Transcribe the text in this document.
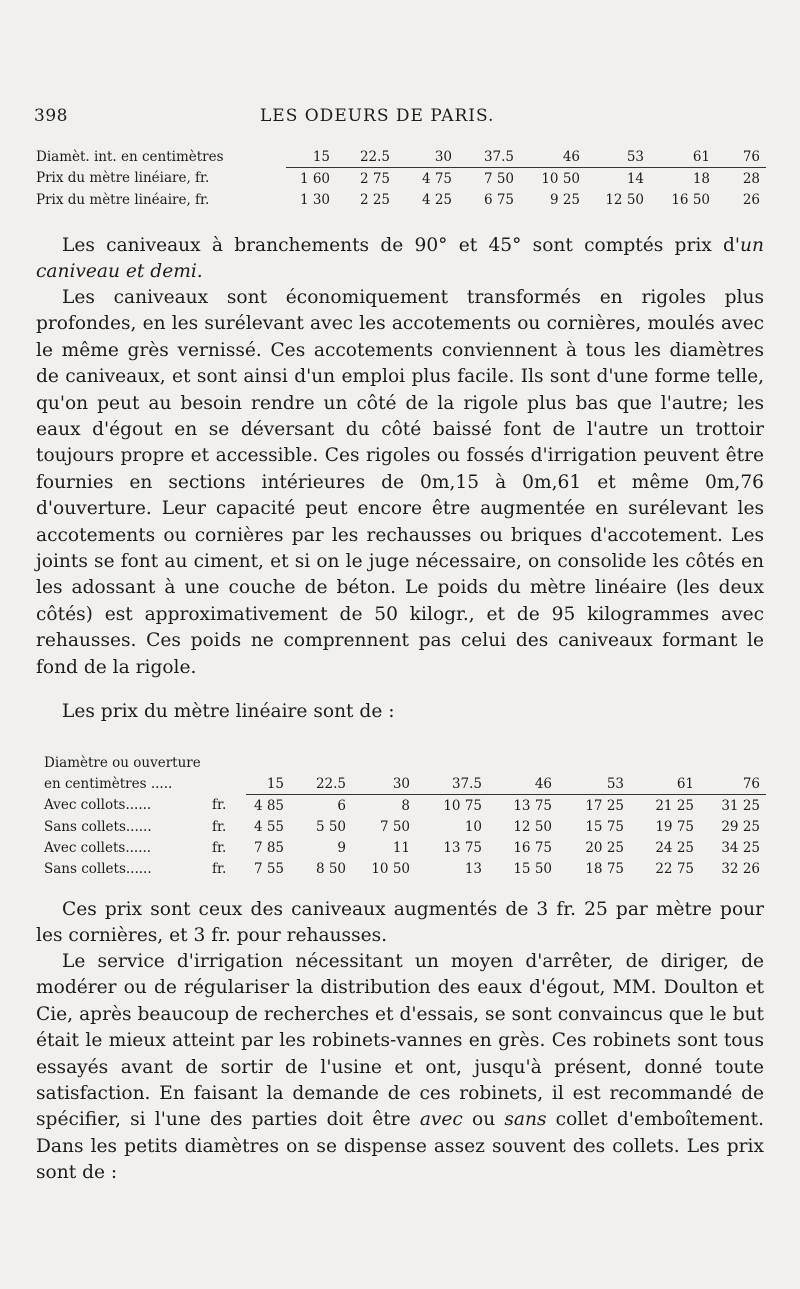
398	LES ODEURS DE PARIS.
Diamèt. int. en centimètres	15	22.5	30	37.5	46	53	61	76
Prix du mètre linéiare, fr.	1 60	2 75	4 75	7 50	10 50	14	18	28
Prix du mètre linéaire, fr.	1 30	2 25	4 25	6 75	9 25	12 50	16 50	26

Les caniveaux à branchements de 90° et 45° sont comptés prix d'un caniveau et demi.

Les caniveaux sont économiquement transformés en rigoles plus profondes, en les surélevant avec les accotements ou cornières, moulés avec le même grès vernissé. Ces accotements conviennent à tous les diamètres de caniveaux, et sont ainsi d'un emploi plus facile. Ils sont d'une forme telle, qu'on peut au besoin rendre un côté de la rigole plus bas que l'autre; les eaux d'égout en se déversant du côté baissé font de l'autre un trottoir toujours propre et accessible. Ces rigoles ou fossés d'irrigation peuvent être fournies en sections intérieures de 0m,15 à 0m,61 et même 0m,76 d'ouverture. Leur capacité peut encore être augmentée en surélevant les accotements ou cornières par les rechausses ou briques d'accotement. Les joints se font au ciment, et si on le juge nécessaire, on consolide les côtés en les adossant à une couche de béton. Le poids du mètre linéaire (les deux côtés) est approximativement de 50 kilogr., et de 95 kilogrammes avec rehausses. Ces poids ne comprennent pas celui des caniveaux formant le fond de la rigole.

Les prix du mètre linéaire sont de :

Diamètre ou ouverture									
en centimètres .....		15	22.5	30	37.5	46	53	61	76
Avec collots......	fr.	4 85	6	8	10 75	13 75	17 25	21 25	31 25
Sans collets......	fr.	4 55	5 50	7 50	10	12 50	15 75	19 75	29 25
Avec collets......	fr.	7 85	9	11	13 75	16 75	20 25	24 25	34 25
Sans collets......	fr.	7 55	8 50	10 50	13	15 50	18 75	22 75	32 26

Ces prix sont ceux des caniveaux augmentés de 3 fr. 25 par mètre pour les cornières, et 3 fr. pour rehausses.

Le service d'irrigation nécessitant un moyen d'arrêter, de diriger, de modérer ou de régulariser la distribution des eaux d'égout, MM. Doulton et Cie, après beaucoup de recherches et d'essais, se sont convaincus que le but était le mieux atteint par les robinets-vannes en grès. Ces robinets sont tous essayés avant de sortir de l'usine et ont, jusqu'à présent, donné toute satisfaction. En faisant la demande de ces robinets, il est recommandé de spécifier, si l'une des parties doit être avec ou sans collet d'emboîtement. Dans les petits diamètres on se dispense assez souvent des collets. Les prix sont de :
